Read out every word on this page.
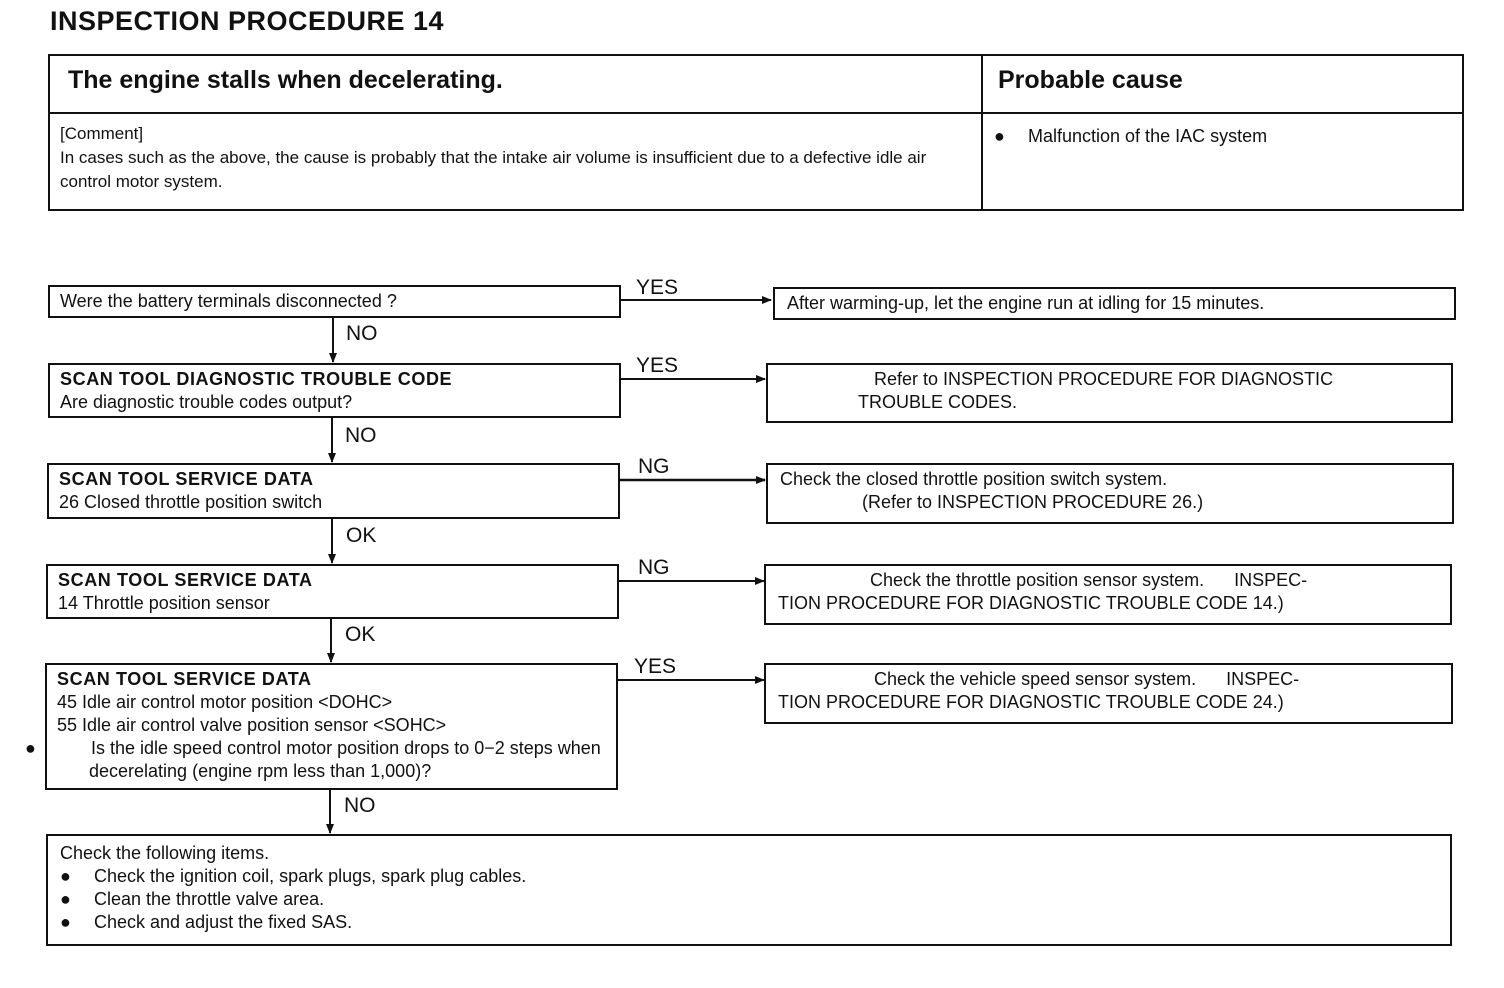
INSPECTION PROCEDURE 14
The engine stalls when decelerating.	Probable cause
[Comment]
In cases such as the above, the cause is probably that the intake air volume is insufficient due to a defective idle air control motor system.
● Malfunction of the IAC system
YES
YES
NG
NG
YES
NO
NO
OK
OK
NO
Were the battery terminals disconnected ?
SCAN TOOL DIAGNOSTIC TROUBLE CODE
Are diagnostic trouble codes output?
SCAN TOOL SERVICE DATA
26 Closed throttle position switch
SCAN TOOL SERVICE DATA
14 Throttle position sensor
SCAN TOOL SERVICE DATA
45 Idle air control motor position <DOHC>
55 Idle air control valve position sensor <SOHC>
●	Is the idle speed control motor position drops to 0−2 steps when decerelating (engine rpm less than 1,000)?
After warming-up, let the engine run at idling for 15 minutes.
Refer to INSPECTION PROCEDURE FOR DIAGNOSTIC
TROUBLE CODES.
Check the closed throttle position switch system.
(Refer to INSPECTION PROCEDURE 26.)
Check the throttle position sensor system.      INSPEC-
TION PROCEDURE FOR DIAGNOSTIC TROUBLE CODE 14.)
Check the vehicle speed sensor system.      INSPEC-
TION PROCEDURE FOR DIAGNOSTIC TROUBLE CODE 24.)
Check the following items.
● Check the ignition coil, spark plugs, spark plug cables.
● Clean the throttle valve area.
● Check and adjust the fixed SAS.
